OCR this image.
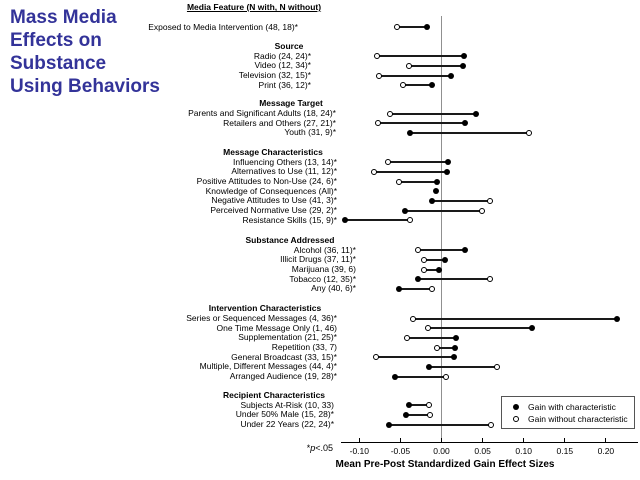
Mass Media
Effects on
Substance
Using Behaviors
Media Feature (N with, N without)
Exposed to Media Intervention (48, 18)*
Source
Radio (24, 24)*
Video (12, 34)*
Television (32, 15)*
Print (36, 12)*
Message Target
Parents and Significant Adults (18, 24)*
Retailers and Others (27, 21)*
Youth (31, 9)*
Message Characteristics
Influencing Others (13, 14)*
Alternatives to Use (11, 12)*
Positive Attitudes to Non-Use (24, 6)*
Knowledge of Consequences (All)*
Negative Attitudes to Use (41, 3)*
Perceived Normative Use (29, 2)*
Resistance Skills (15, 9)*
Substance Addressed
Alcohol (36, 11)*
Illicit Drugs (37, 11)*
Marijuana (39, 6)
Tobacco (12, 35)*
Any (40, 6)*
Intervention Characteristics
Series or Sequenced Messages (4, 36)*
One Time Message Only (1, 46)
Supplementation (21, 25)*
Repetition (33, 7)
General Broadcast (33, 15)*
Multiple, Different Messages (44, 4)*
Arranged Audience (19, 28)*
Recipient Characteristics
Subjects At-Risk (10, 33)
Under 50% Male (15, 28)*
Under 22 Years (22, 24)*
-0.10	-0.05	0.00	0.05	0.10	0.15	0.20
Mean Pre-Post Standardized Gain Effect Sizes
*p<.05
Gain with characteristic
Gain without characteristic
